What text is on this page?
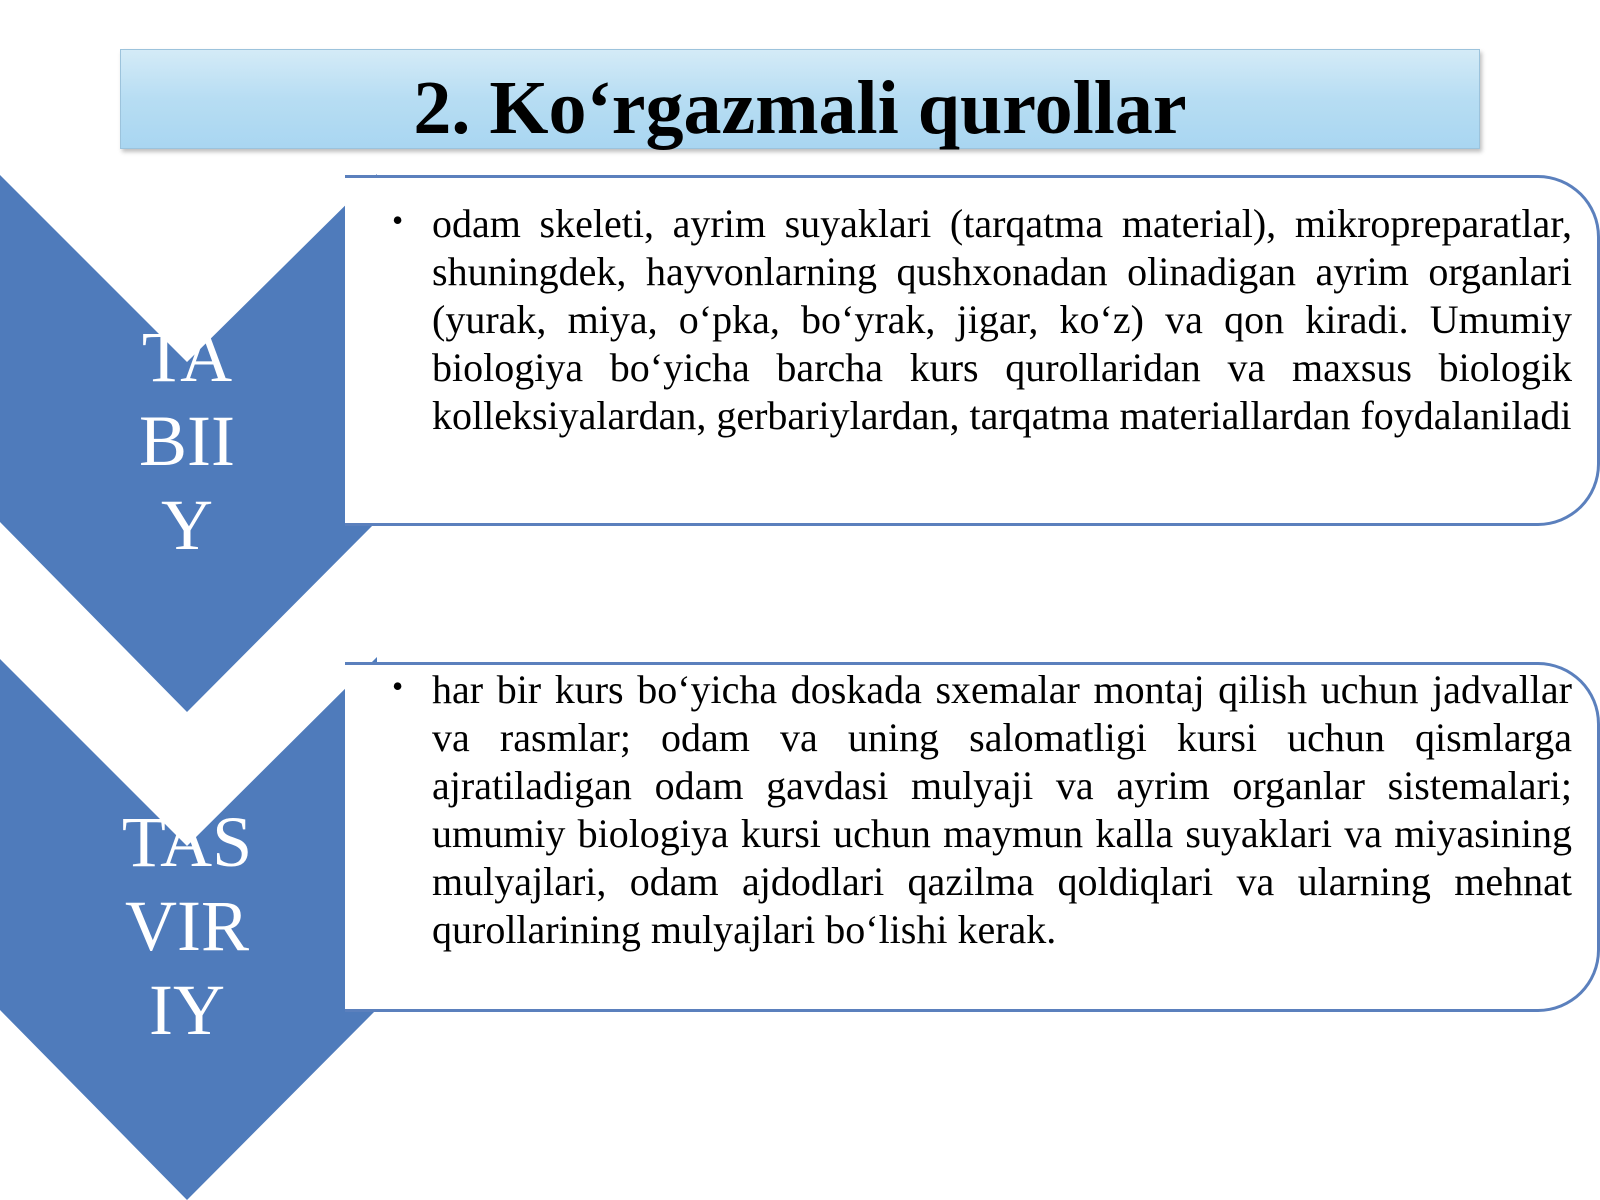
2. Ko‘rgazmali qurollar
TA
BII
Y
TAS
VIR
IY
• odam skeleti, ayrim suyaklari (tarqatma material), mikropreparatlar, shuningdek, hayvonlarning qushxonadan olinadigan ayrim organlari (yurak, miya, o‘pka, bo‘yrak, jigar, ko‘z) va qon kiradi. Umumiy biologiya bo‘yicha barcha kurs qurollaridan va maxsus biologik kolleksiyalardan, gerbariylardan, tarqatma materiallardan foydalaniladi
• har bir kurs bo‘yicha doskada sxemalar montaj qilish uchun jadvallar va rasmlar; odam va uning salomatligi kursi uchun qismlarga ajratiladigan odam gavdasi mulyaji va ayrim organlar sistemalari; umumiy biologiya kursi uchun maymun kalla suyaklari va miyasining mulyajlari, odam ajdodlari qazilma qoldiqlari va ularning mehnat qurollarining mulyajlari bo‘lishi kerak.
